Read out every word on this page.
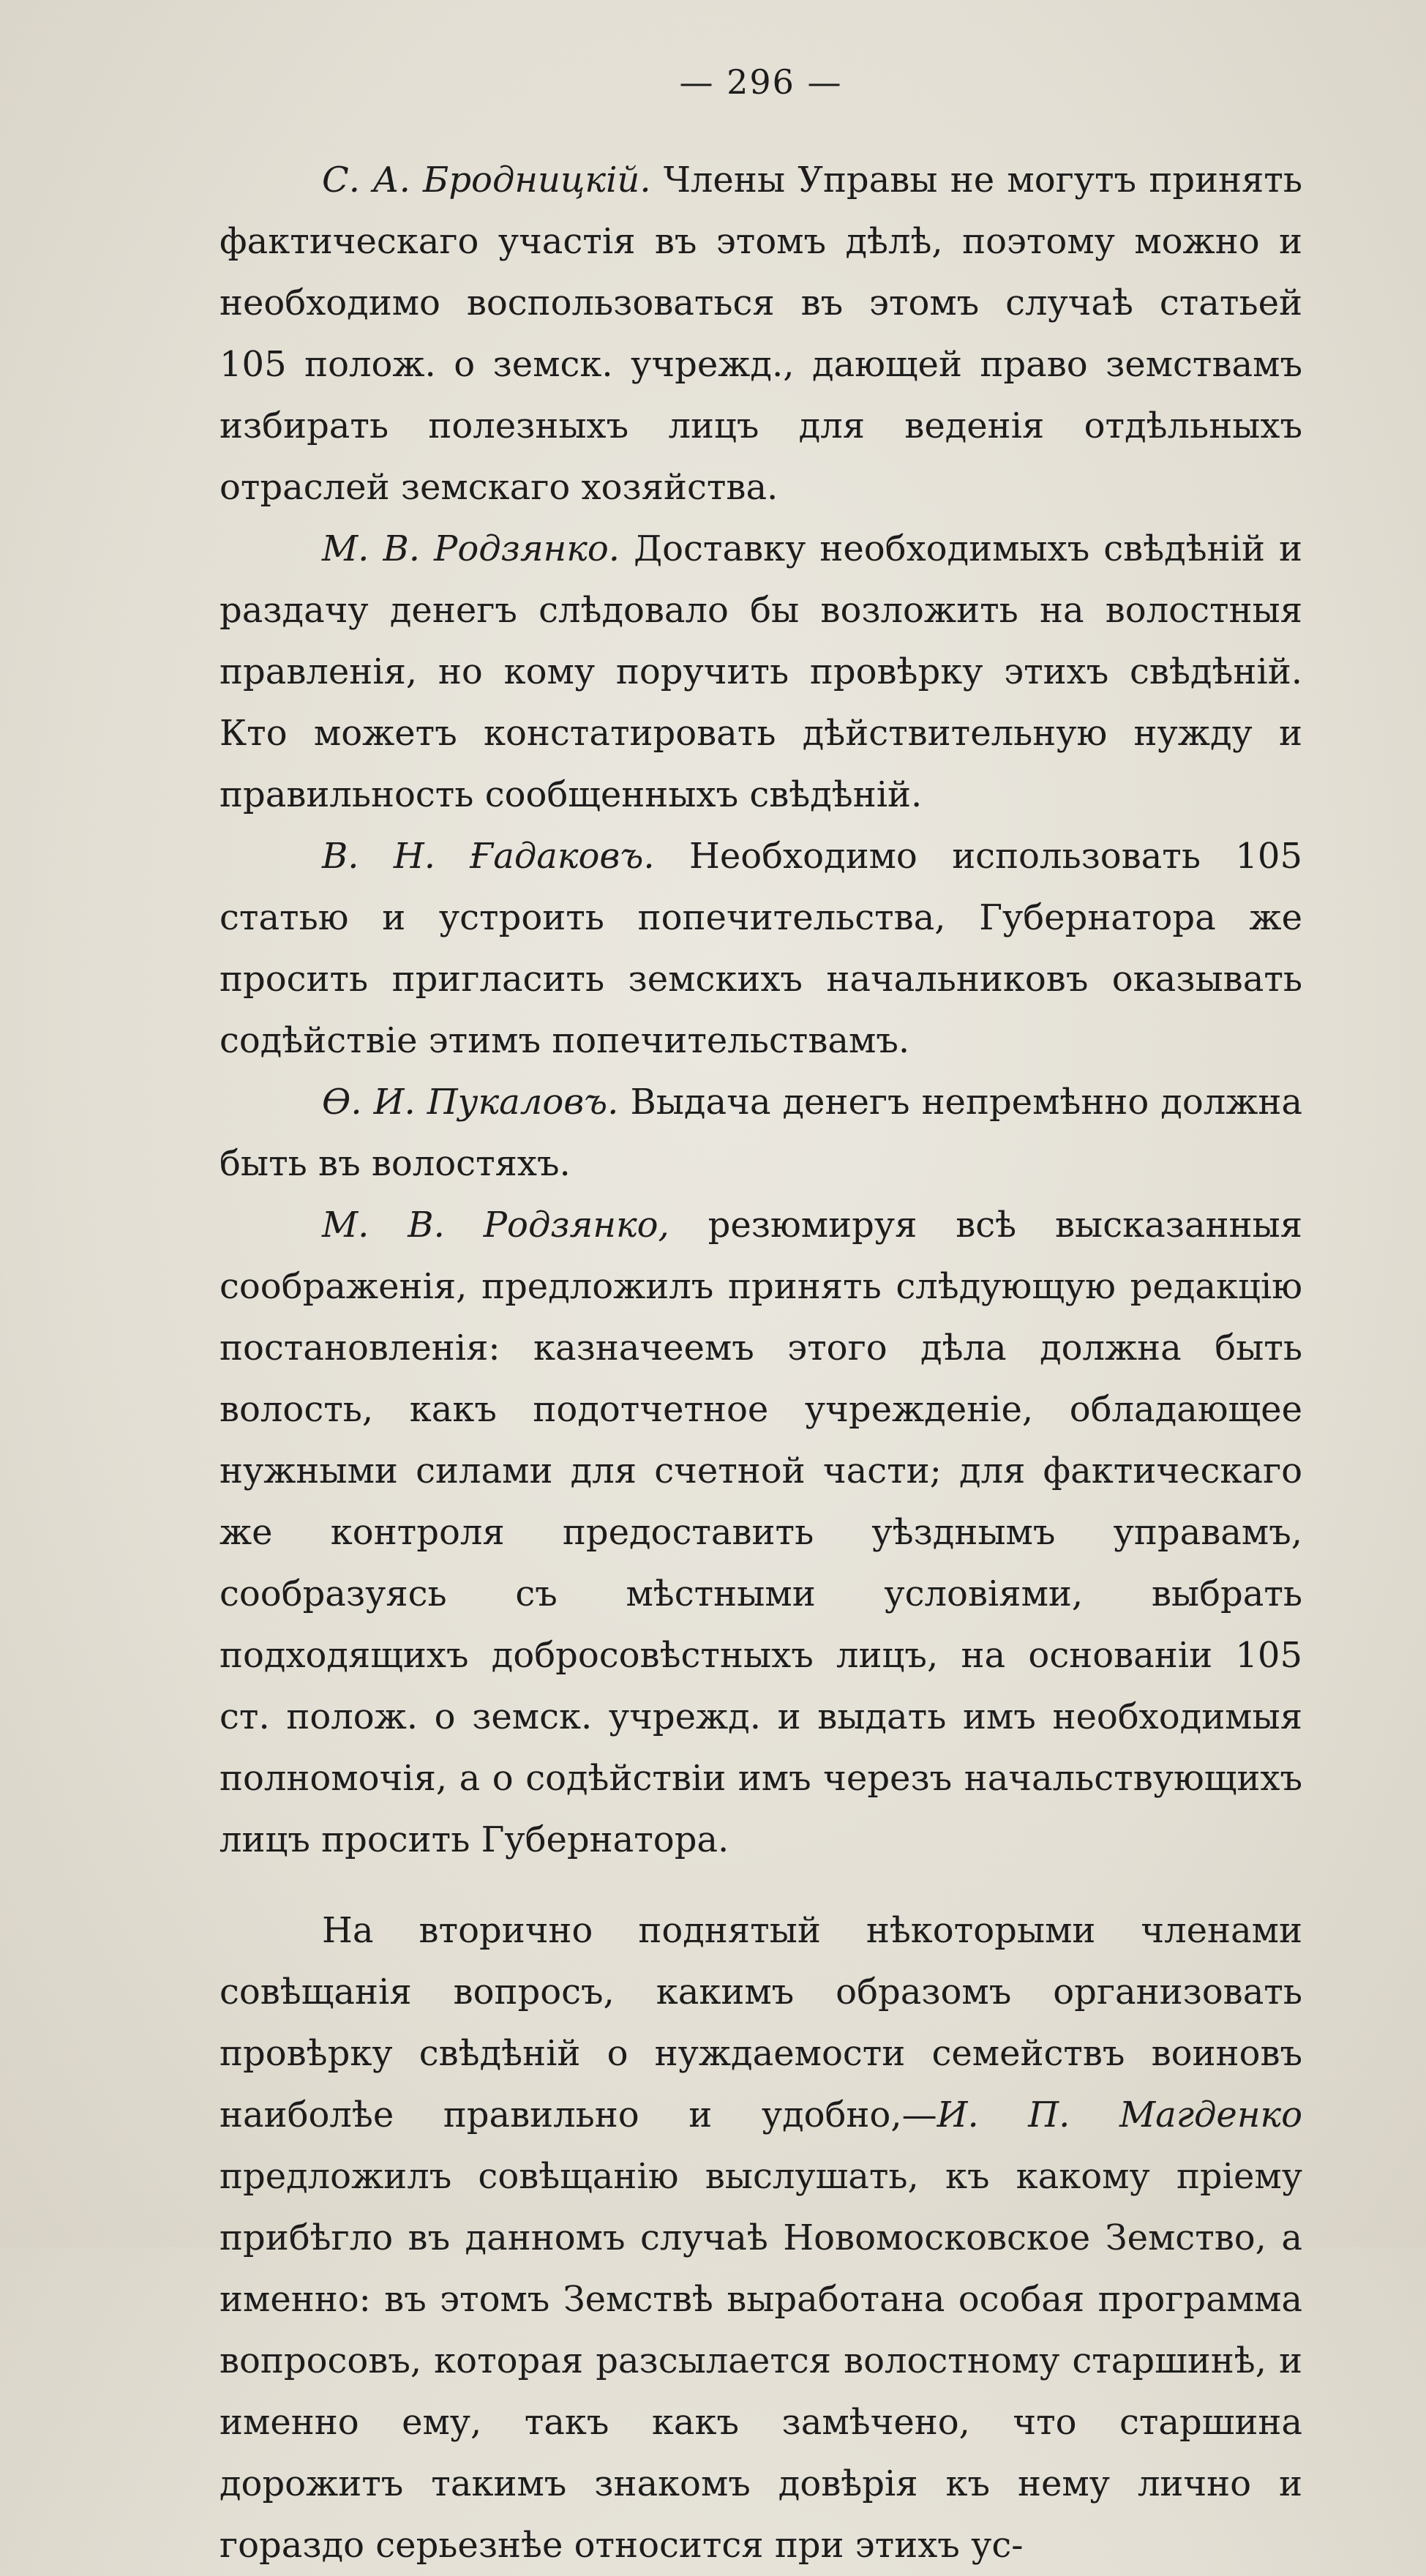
— 296 —

С. А. Бродницкій. Члены Управы не могутъ принять фактическаго участія въ этомъ дѣлѣ, поэтому можно и необходимо воспользоваться въ этомъ случаѣ статьей 105 полож. о земск. учрежд., дающей право земствамъ избирать полезныхъ лицъ для веденія отдѣльныхъ отраслей земскаго хозяйства.

М. В. Родзянко. Доставку необходимыхъ свѣдѣній и раздачу денегъ слѣдовало бы возложить на волостныя правленія, но кому поручить провѣрку этихъ свѣдѣній. Кто можетъ констатировать дѣйствительную нужду и правильность сообщенныхъ свѣдѣній.

В. Н. Ғадаковъ. Необходимо использовать 105 статью и устроить попечительства, Губернатора же просить пригласить земскихъ начальниковъ оказывать содѣйствіе этимъ попечительствамъ.

Ѳ. И. Пукаловъ. Выдача денегъ непремѣнно должна быть въ волостяхъ.

М. В. Родзянко, резюмируя всѣ высказанныя соображенія, предложилъ принять слѣдующую редакцію постановленія: казначеемъ этого дѣла должна быть волость, какъ подотчетное учрежденіе, обладающее нужными силами для счетной части; для фактическаго же контроля предоставить уѣзднымъ управамъ, сообразуясь съ мѣстными условіями, выбрать подходящихъ добросовѣстныхъ лицъ, на основаніи 105 ст. полож. о земск. учрежд. и выдать имъ необходимыя полномочія, а о содѣйствіи имъ черезъ начальствующихъ лицъ просить Губернатора.

На вторично поднятый нѣкоторыми членами совѣщанія вопросъ, какимъ образомъ организовать провѣрку свѣдѣній о нуждаемости семействъ воиновъ наиболѣе правильно и удобно,—И. П. Магденко предложилъ совѣщанію выслушать, къ какому пріему прибѣгло въ данномъ случаѣ Новомосковское Земство, а именно: въ этомъ Земствѣ выработана особая программа вопросовъ, которая разсылается волостному старшинѣ, и именно ему, такъ какъ замѣчено, что старшина дорожитъ такимъ знакомъ довѣрія къ нему лично и гораздо серьезнѣе относится при этихъ ус-
